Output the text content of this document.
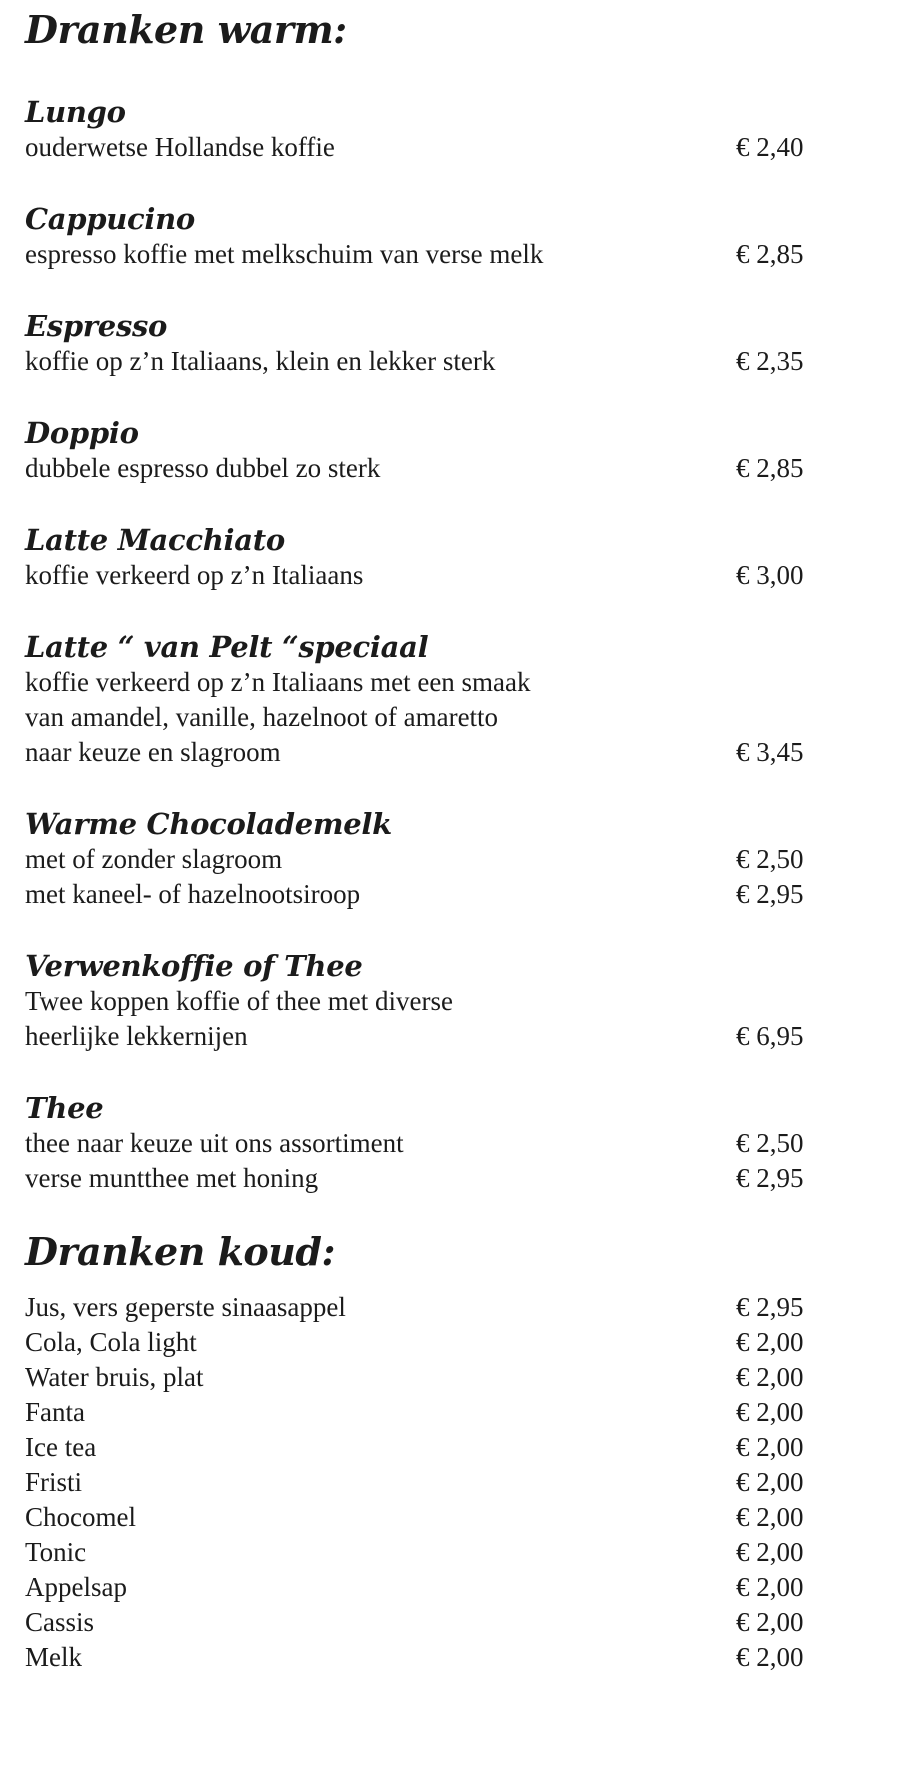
Dranken warm:
Lungo
ouderwetse Hollandse koffie	€ 2,40
Cappucino
espresso koffie met melkschuim van verse melk	€ 2,85
Espresso
koffie op z’n Italiaans, klein en lekker sterk	€ 2,35
Doppio
dubbele espresso dubbel zo sterk	€ 2,85
Latte Macchiato
koffie verkeerd op z’n Italiaans	€ 3,00
Latte “ van Pelt “speciaal
koffie verkeerd op z’n Italiaans met een smaak
van amandel, vanille, hazelnoot of amaretto
naar keuze en slagroom	€ 3,45
Warme Chocolademelk
met of zonder slagroom	€ 2,50
met kaneel- of hazelnootsiroop	€ 2,95
Verwenkoffie of Thee
Twee koppen koffie of thee met diverse
heerlijke lekkernijen	€ 6,95
Thee
thee naar keuze uit ons assortiment	€ 2,50
verse muntthee met honing	€ 2,95
Dranken koud:
Jus, vers geperste sinaasappel	€ 2,95
Cola, Cola light	€ 2,00
Water bruis, plat	€ 2,00
Fanta	€ 2,00
Ice tea	€ 2,00
Fristi	€ 2,00
Chocomel	€ 2,00
Tonic	€ 2,00
Appelsap	€ 2,00
Cassis	€ 2,00
Melk	€ 2,00
